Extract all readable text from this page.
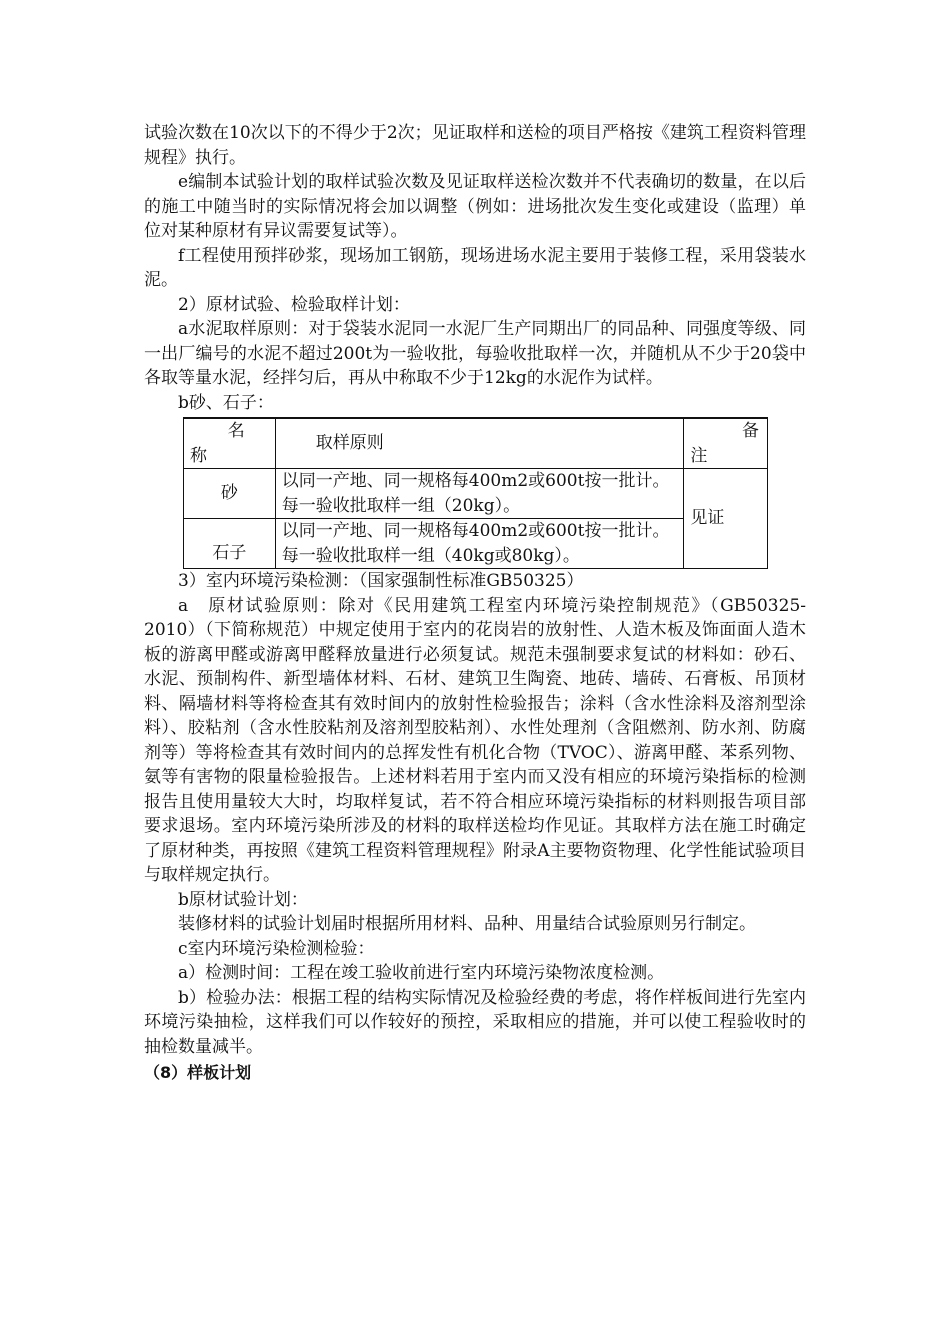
试验次数在10次以下的不得少于2次；见证取样和送检的项目严格按《建筑工程资料管理规程》执行。

e编制本试验计划的取样试验次数及见证取样送检次数并不代表确切的数量，在以后的施工中随当时的实际情况将会加以调整（例如：进场批次发生变化或建设（监理）单位对某种原材有异议需要复试等）。

f工程使用预拌砂浆，现场加工钢筋，现场进场水泥主要用于装修工程，采用袋装水泥。

2）原材试验、检验取样计划：

a水泥取样原则：对于袋装水泥同一水泥厂生产同期出厂的同品种、同强度等级、同一出厂编号的水泥不超过200t为一验收批，每验收批取样一次，并随机从不少于20袋中各取等量水泥，经拌匀后，再从中称取不少于12kg的水泥作为试样。

b砂、石子：

名
称	取样原则	备
注

砂	以同一产地、同一规格每400m2或600t按一批计。每一验收批取样一组（20kg）。	见证
石子	以同一产地、同一规格每400m2或600t按一批计。
每一验收批取样一组（40kg或80kg）。	

3）室内环境污染检测：（国家强制性标准GB50325）

a　原材试验原则：除对《民用建筑工程室内环境污染控制规范》（GB50325-2010）（下简称规范）中规定使用于室内的花岗岩的放射性、人造木板及饰面面人造木板的游离甲醛或游离甲醛释放量进行必须复试。规范未强制要求复试的材料如：砂石、水泥、预制构件、新型墙体材料、石材、建筑卫生陶瓷、地砖、墙砖、石膏板、吊顶材料、隔墙材料等将检查其有效时间内的放射性检验报告；涂料（含水性涂料及溶剂型涂料）、胶粘剂（含水性胶粘剂及溶剂型胶粘剂）、水性处理剂（含阻燃剂、防水剂、防腐剂等）等将检查其有效时间内的总挥发性有机化合物（TVOC）、游离甲醛、苯系列物、氨等有害物的限量检验报告。上述材料若用于室内而又没有相应的环境污染指标的检测报告且使用量较大大时，均取样复试，若不符合相应环境污染指标的材料则报告项目部要求退场。室内环境污染所涉及的材料的取样送检均作见证。其取样方法在施工时确定了原材种类，再按照《建筑工程资料管理规程》附录A主要物资物理、化学性能试验项目与取样规定执行。

b原材试验计划：

装修材料的试验计划届时根据所用材料、品种、用量结合试验原则另行制定。

c室内环境污染检测检验：

a）检测时间：工程在竣工验收前进行室内环境污染物浓度检测。

b）检验办法：根据工程的结构实际情况及检验经费的考虑，将作样板间进行先室内环境污染抽检，这样我们可以作较好的预控，采取相应的措施，并可以使工程验收时的抽检数量减半。

（8）样板计划
